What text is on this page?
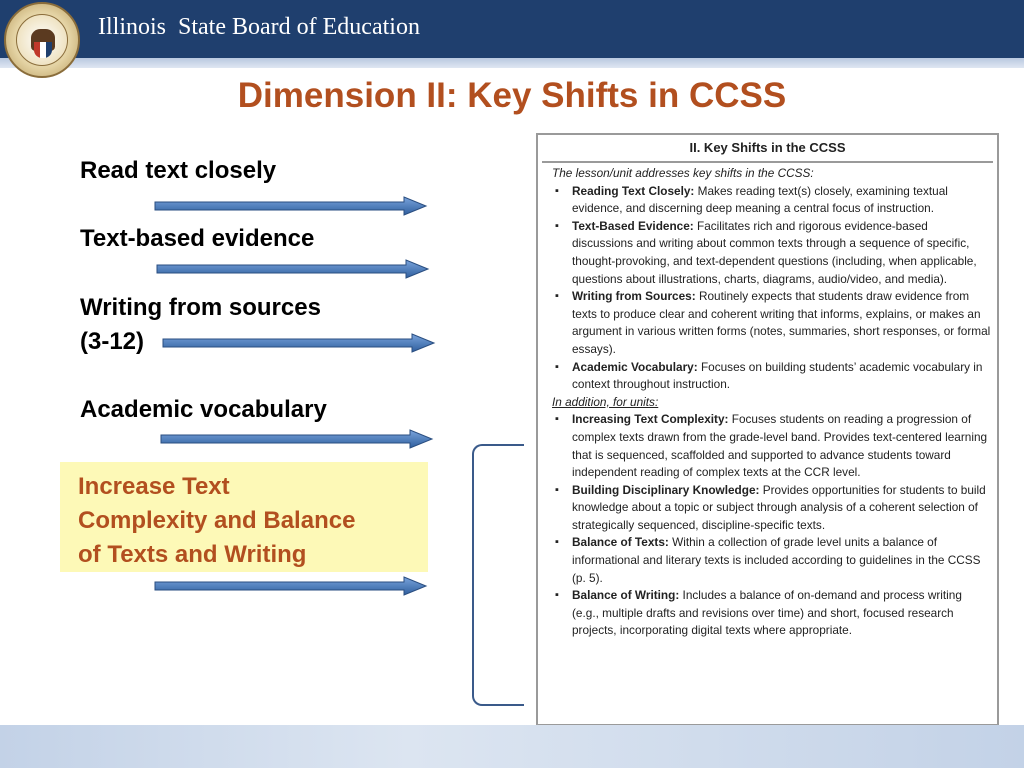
Illinois  State Board of Education
Dimension II: Key Shifts in CCSS
Read text closely
Text-based evidence
Writing from sources
(3-12)
Academic vocabulary
Increase Text
Complexity and Balance
of Texts and Writing
II. Key Shifts in the CCSS
The lesson/unit addresses key shifts in the CCSS:
▪ Reading Text Closely: Makes reading text(s) closely, examining textual evidence, and discerning deep meaning a central focus of instruction.
▪ Text-Based Evidence: Facilitates rich and rigorous evidence-based discussions and writing about common texts through a sequence of specific, thought-provoking, and text-dependent questions (including, when applicable, questions about illustrations, charts, diagrams, audio/video, and media).
▪ Writing from Sources: Routinely expects that students draw evidence from texts to produce clear and coherent writing that informs, explains, or makes an argument in various written forms (notes, summaries, short responses, or formal essays).
▪ Academic Vocabulary: Focuses on building students’ academic vocabulary in context throughout instruction.
In addition, for units:
▪ Increasing Text Complexity: Focuses students on reading a progression of complex texts drawn from the grade-level band. Provides text-centered learning that is sequenced, scaffolded and supported to advance students toward independent reading of complex texts at the CCR level.
▪ Building Disciplinary Knowledge: Provides opportunities for students to build knowledge about a topic or subject through analysis of a coherent selection of strategically sequenced, discipline-specific texts.
▪ Balance of Texts: Within a collection of grade level units a balance of informational and literary texts is included according to guidelines in the CCSS (p. 5).
▪ Balance of Writing: Includes a balance of on-demand and process writing (e.g., multiple drafts and revisions over time) and short, focused research projects, incorporating digital texts where appropriate.
